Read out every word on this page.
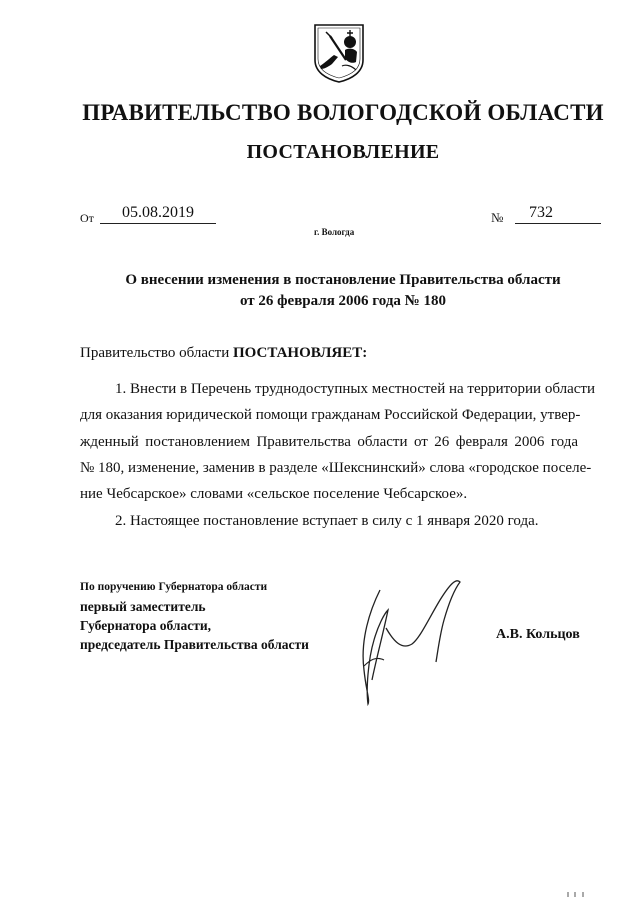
ПРАВИТЕЛЬСТВО ВОЛОГОДСКОЙ ОБЛАСТИ
ПОСТАНОВЛЕНИЕ
От	05.08.2019	№	732
г. Вологда
О внесении изменения в постановление Правительства области
от 26 февраля 2006 года № 180
Правительство области ПОСТАНОВЛЯЕТ:
1. Внести в Перечень труднодоступных местностей на территории области
для оказания юридической помощи гражданам Российской Федерации, утвер-
жденный постановлением Правительства области от 26 февраля 2006 года
№ 180, изменение, заменив в разделе «Шекснинский» слова «городское поселе-
ние Чебсарское» словами «сельское поселение Чебсарское».
2. Настоящее постановление вступает в силу с 1 января 2020 года.
По поручению Губернатора области
первый заместитель
Губернатора области,
председатель Правительства области
А.В. Кольцов
